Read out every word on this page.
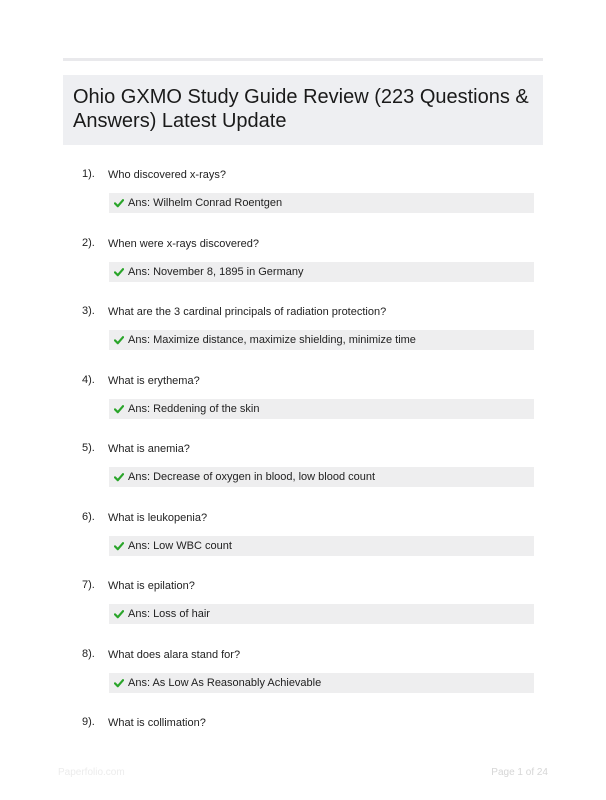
Ohio GXMO Study Guide Review (223 Questions & Answers) Latest Update
1). Who discovered x-rays?
Ans: Wilhelm Conrad Roentgen
2). When were x-rays discovered?
Ans: November 8, 1895 in Germany
3). What are the 3 cardinal principals of radiation protection?
Ans: Maximize distance, maximize shielding, minimize time
4). What is erythema?
Ans: Reddening of the skin
5). What is anemia?
Ans: Decrease of oxygen in blood, low blood count
6). What is leukopenia?
Ans: Low WBC count
7). What is epilation?
Ans: Loss of hair
8). What does alara stand for?
Ans: As Low As Reasonably Achievable
9). What is collimation?
Paperfolio.com	Page 1 of 24
